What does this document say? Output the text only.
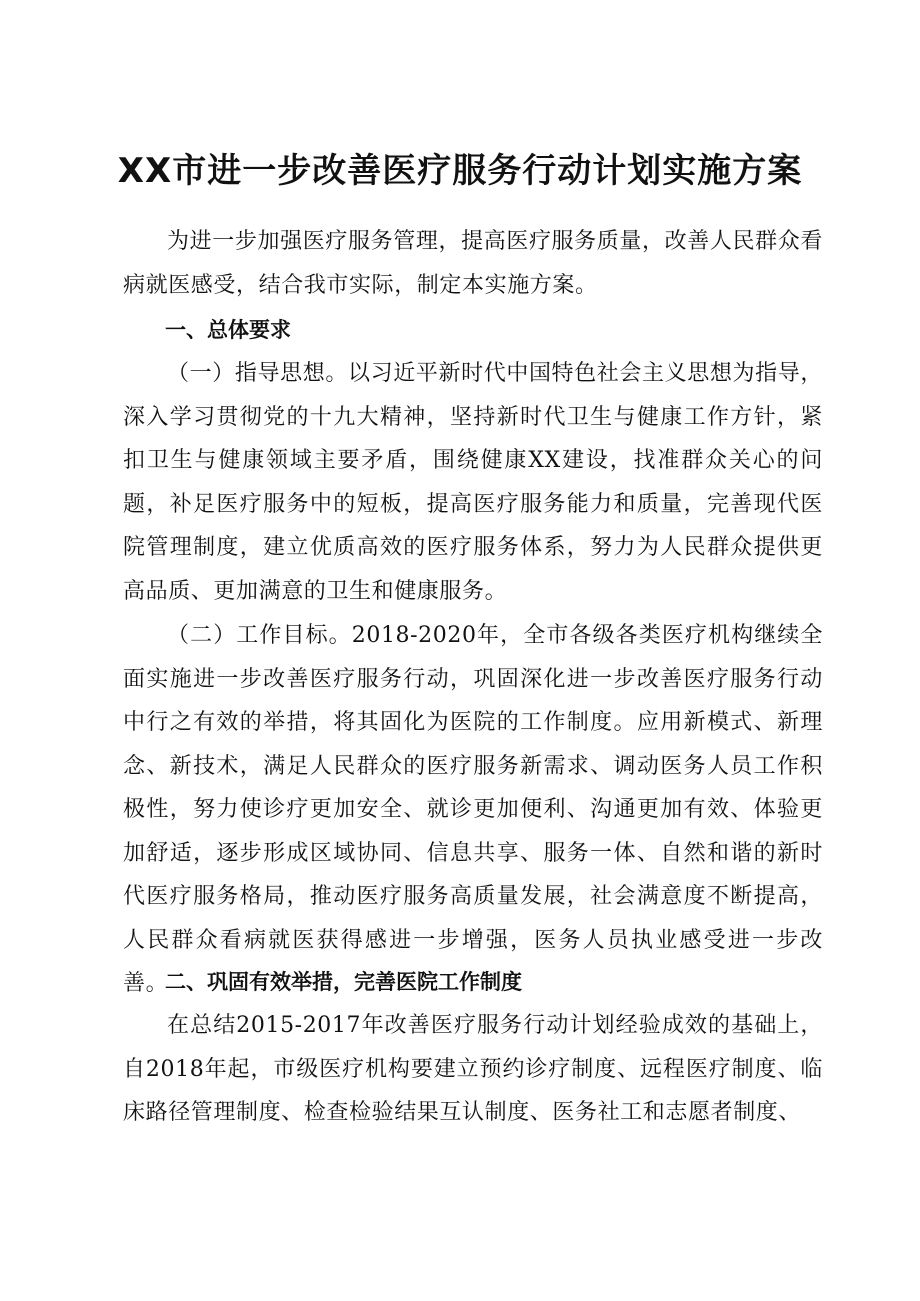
XX市进一步改善医疗服务行动计划实施方案

为进一步加强医疗服务管理，提高医疗服务质量，改善人民群众看病就医感受，结合我市实际，制定本实施方案。

一、总体要求

（一）指导思想。以习近平新时代中国特色社会主义思想为指导，深入学习贯彻党的十九大精神，坚持新时代卫生与健康工作方针，紧扣卫生与健康领域主要矛盾，围绕健康XX建设，找准群众关心的问题，补足医疗服务中的短板，提高医疗服务能力和质量，完善现代医院管理制度，建立优质高效的医疗服务体系，努力为人民群众提供更高品质、更加满意的卫生和健康服务。

（二）工作目标。2018-2020年，全市各级各类医疗机构继续全面实施进一步改善医疗服务行动，巩固深化进一步改善医疗服务行动中行之有效的举措，将其固化为医院的工作制度。应用新模式、新理念、新技术，满足人民群众的医疗服务新需求、调动医务人员工作积极性，努力使诊疗更加安全、就诊更加便利、沟通更加有效、体验更加舒适，逐步形成区域协同、信息共享、服务一体、自然和谐的新时代医疗服务格局，推动医疗服务高质量发展，社会满意度不断提高，人民群众看病就医获得感进一步增强，医务人员执业感受进一步改善。

二、巩固有效举措，完善医院工作制度

在总结2015-2017年改善医疗服务行动计划经验成效的基础上，自2018年起，市级医疗机构要建立预约诊疗制度、远程医疗制度、临床路径管理制度、检查检验结果互认制度、医务社工和志愿者制度、
